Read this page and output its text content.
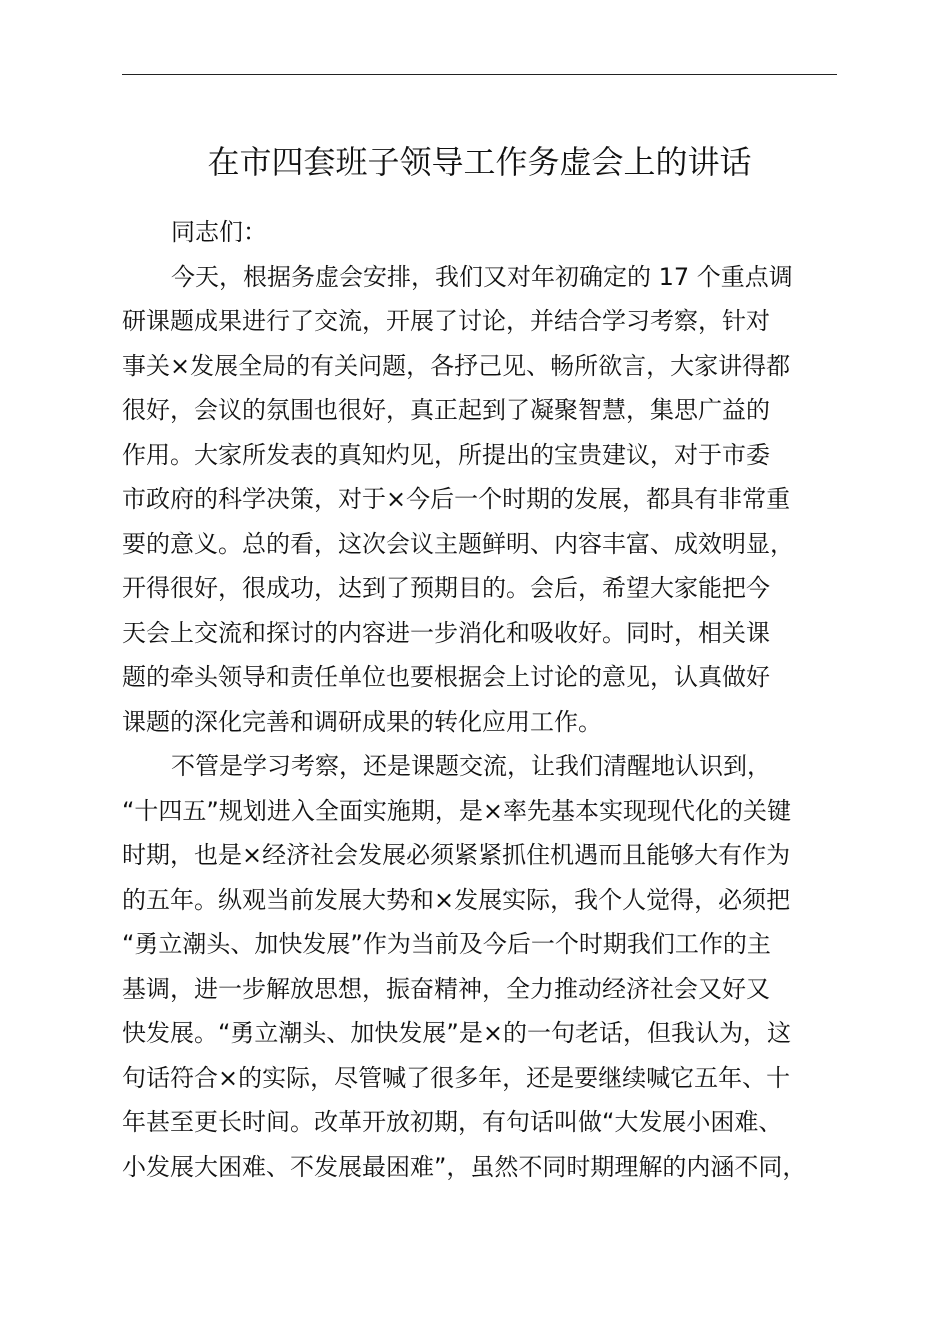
在市四套班子领导工作务虚会上的讲话

同志们：

今天，根据务虚会安排，我们又对年初确定的 17 个重点调
研课题成果进行了交流，开展了讨论，并结合学习考察，针对
事关×发展全局的有关问题，各抒己见、畅所欲言，大家讲得都
很好，会议的氛围也很好，真正起到了凝聚智慧，集思广益的
作用。大家所发表的真知灼见，所提出的宝贵建议，对于市委
市政府的科学决策，对于×今后一个时期的发展，都具有非常重
要的意义。总的看，这次会议主题鲜明、内容丰富、成效明显，
开得很好，很成功，达到了预期目的。会后，希望大家能把今
天会上交流和探讨的内容进一步消化和吸收好。同时，相关课
题的牵头领导和责任单位也要根据会上讨论的意见，认真做好
课题的深化完善和调研成果的转化应用工作。

不管是学习考察，还是课题交流，让我们清醒地认识到，
“十四五”规划进入全面实施期，是×率先基本实现现代化的关键
时期，也是×经济社会发展必须紧紧抓住机遇而且能够大有作为
的五年。纵观当前发展大势和×发展实际，我个人觉得，必须把
“勇立潮头、加快发展”作为当前及今后一个时期我们工作的主
基调，进一步解放思想，振奋精神，全力推动经济社会又好又
快发展。“勇立潮头、加快发展”是×的一句老话，但我认为，这
句话符合×的实际，尽管喊了很多年，还是要继续喊它五年、十
年甚至更长时间。改革开放初期，有句话叫做“大发展小困难、
小发展大困难、不发展最困难”，虽然不同时期理解的内涵不同，
